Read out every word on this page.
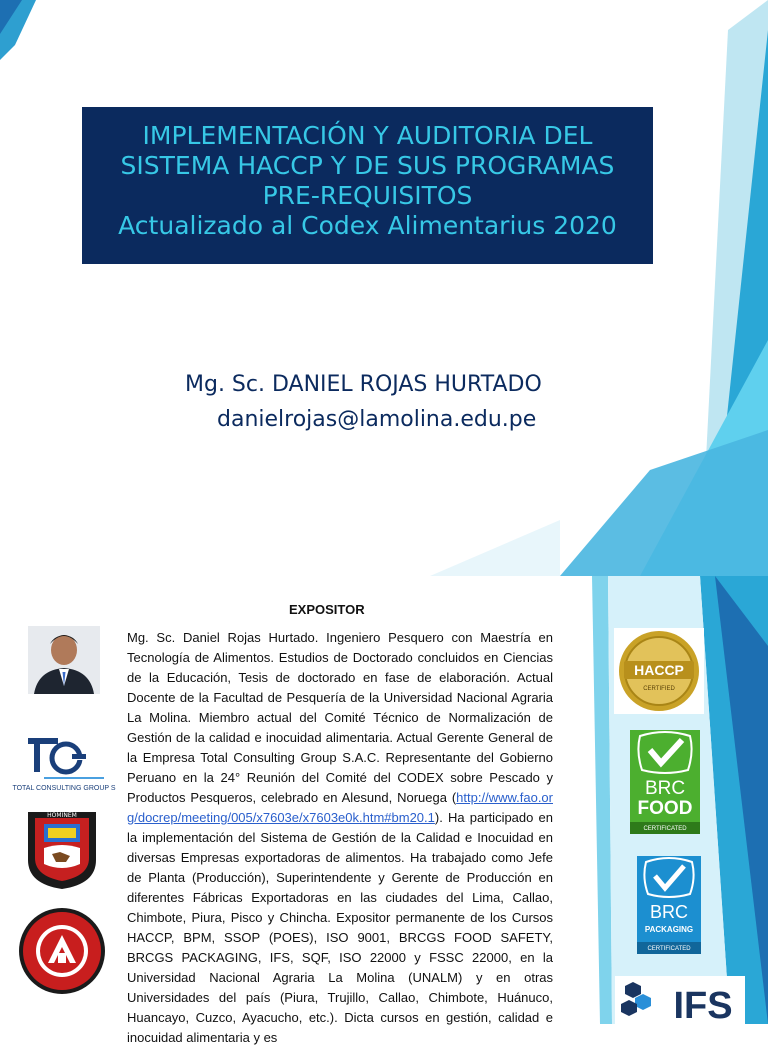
IMPLEMENTACIÓN Y AUDITORIA DEL
SISTEMA HACCP Y DE SUS PROGRAMAS
PRE-REQUISITOS
Actualizado al Codex Alimentarius 2020
Mg. Sc. DANIEL ROJAS HURTADO
danielrojas@lamolina.edu.pe
EXPOSITOR

Mg. Sc. Daniel Rojas Hurtado. Ingeniero Pesquero con Maestría en Tecnología de Alimentos. Estudios de Doctorado concluidos en Ciencias de la Educación, Tesis de doctorado en fase de elaboración. Actual Docente de la Facultad de Pesquería de la Universidad Nacional Agraria La Molina. Miembro actual del Comité Técnico de Normalización de Gestión de la calidad e inocuidad alimentaria. Actual Gerente General de la Empresa Total Consulting Group S.A.C. Representante del Gobierno Peruano en la 24° Reunión del Comité del CODEX sobre Pescado y Productos Pesqueros, celebrado en Alesund, Noruega (http://www.fao.org/docrep/meeting/005/x7603e/x7603e0k.htm#bm20.1). Ha participado en la implementación del Sistema de Gestión de la Calidad e Inocuidad en diversas Empresas exportadoras de alimentos. Ha trabajado como Jefe de Planta (Producción), Superintendente y Gerente de Producción en diferentes Fábricas Exportadoras en las ciudades del Lima, Callao, Chimbote, Piura, Pisco y Chincha. Expositor permanente de los Cursos HACCP, BPM, SSOP (POES), ISO 9001, BRCGS FOOD SAFETY, BRCGS PACKAGING, IFS, SQF, ISO 22000 y FSSC 22000, en la Universidad Nacional Agraria La Molina (UNALM) y en otras Universidades del país (Piura, Trujillo, Callao, Chimbote, Huánuco, Huancayo, Cuzco, Ayacucho, etc.). Dicta cursos en gestión, calidad e inocuidad alimentaria y es

TOTAL CONSULTING GROUP S
HOMINEM
HACCP
CERTIFIED
BRC
FOOD
CERTIFICATED
BRC
PACKAGING
CERTIFICATED
IFS
